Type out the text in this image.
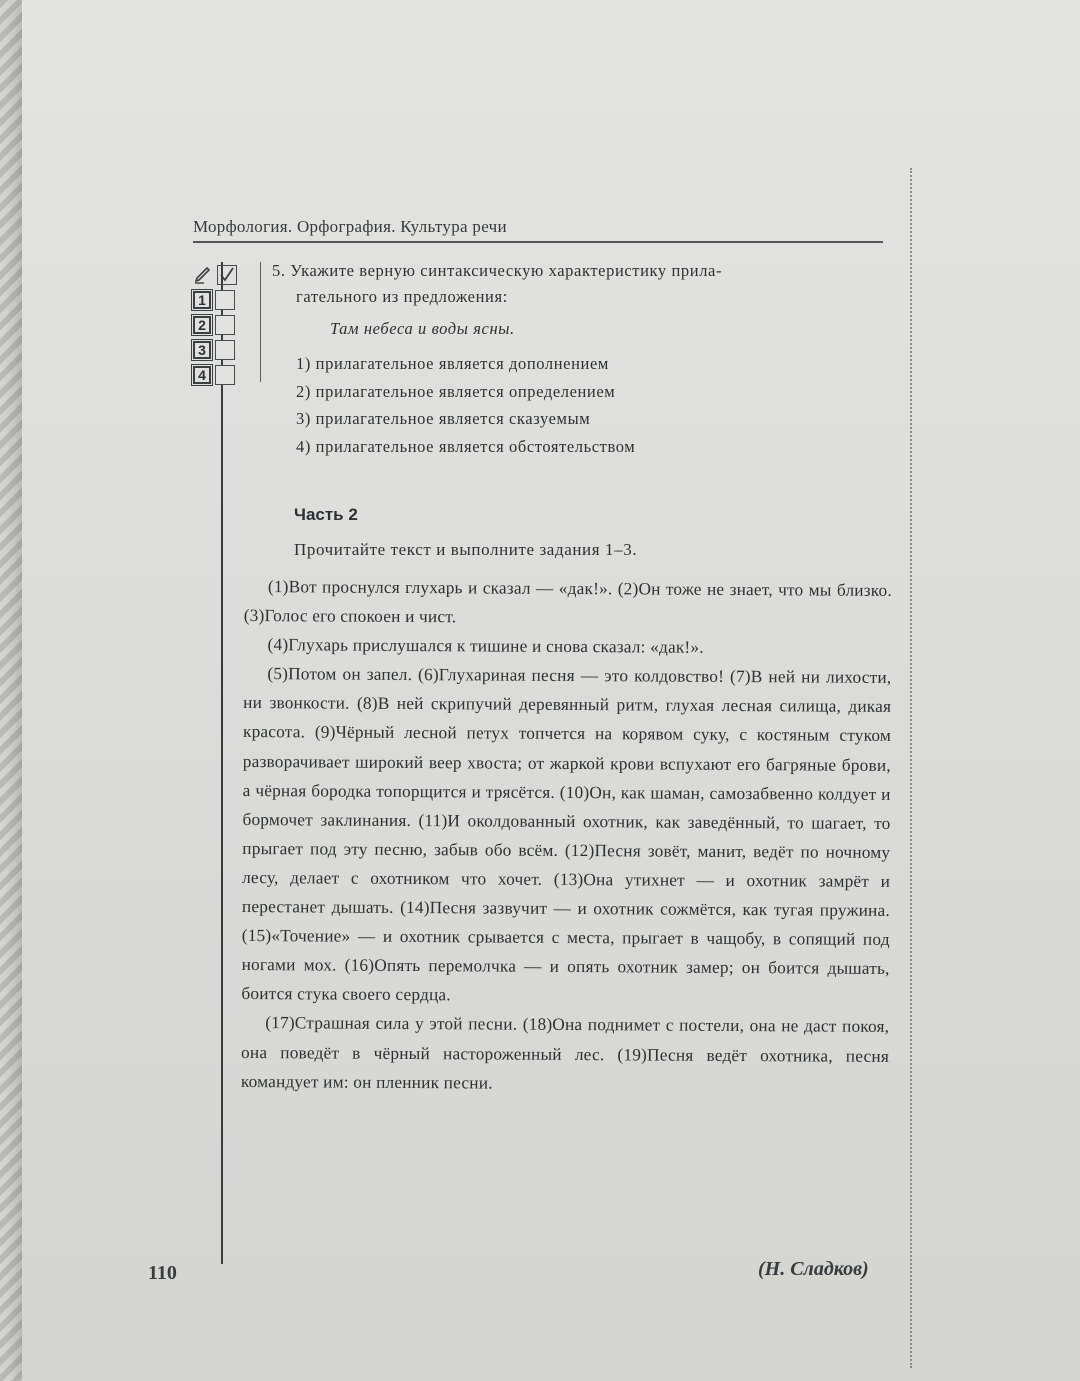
Морфология. Орфография. Культура речи
1
2
3
4

5. Укажите верную синтаксическую характеристику прила-

гательного из предложения:

Там небеса и воды ясны.

1) прилагательное является дополнением

2) прилагательное является определением

3) прилагательное является сказуемым

4) прилагательное является обстоятельством

Часть 2
Прочитайте текст и выполните задания 1–3.

(1)Вот проснулся глухарь и сказал — «дак!». (2)Он тоже не знает, что мы близко. (3)Голос его спокоен и чист.

(4)Глухарь прислушался к тишине и снова сказал: «дак!».

(5)Потом он запел. (6)Глухариная песня — это колдовство! (7)В ней ни лихости, ни звонкости. (8)В ней скрипучий деревянный ритм, глухая лесная силища, дикая красота. (9)Чёрный лесной петух топчется на корявом суку, с костяным стуком разворачивает широкий веер хвоста; от жаркой крови вспухают его багряные брови, а чёрная бородка топорщится и трясётся. (10)Он, как шаман, самозабвенно колдует и бормочет заклинания. (11)И околдованный охотник, как заведённый, то шагает, то прыгает под эту песню, забыв обо всём. (12)Песня зовёт, манит, ведёт по ночному лесу, делает с охотником что хочет. (13)Она утихнет — и охотник замрёт и перестанет дышать. (14)Песня зазвучит — и охотник сожмётся, как тугая пружина. (15)«Точение» — и охотник срывается с места, прыгает в чащобу, в сопящий под ногами мох. (16)Опять перемолчка — и опять охотник замер; он боится дышать, боится стука своего сердца.

(17)Страшная сила у этой песни. (18)Она поднимет с постели, она не даст покоя, она поведёт в чёрный настороженный лес. (19)Песня ведёт охотника, песня командует им: он пленник песни.

(Н. Сладков)
110
